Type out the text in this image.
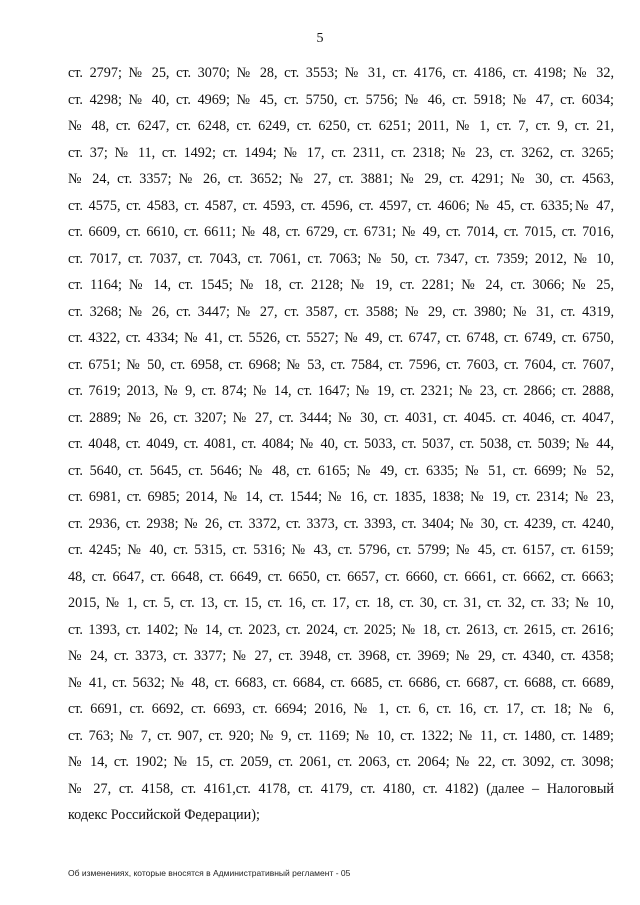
5
ст. 2797; № 25, ст. 3070; № 28, ст. 3553; № 31, ст. 4176, ст. 4186, ст. 4198; № 32,
ст. 4298; № 40, ст. 4969; № 45, ст. 5750, ст. 5756; № 46, ст. 5918; № 47, ст. 6034;
№ 48, ст. 6247, ст. 6248, ст. 6249, ст. 6250, ст. 6251; 2011, № 1, ст. 7, ст. 9, ст. 21,
ст. 37; № 11, ст. 1492; ст. 1494; № 17, ст. 2311, ст. 2318; № 23, ст. 3262, ст. 3265;
№ 24, ст. 3357; № 26, ст. 3652; № 27, ст. 3881; № 29, ст. 4291; № 30, ст. 4563,
ст. 4575, ст. 4583, ст. 4587, ст. 4593, ст. 4596, ст. 4597, ст. 4606; № 45, ст. 6335;№ 47,
ст. 6609, ст. 6610, ст. 6611; № 48, ст. 6729, ст. 6731; № 49, ст. 7014, ст. 7015, ст. 7016,
ст. 7017, ст. 7037, ст. 7043, ст. 7061, ст. 7063; № 50, ст. 7347, ст. 7359; 2012, № 10,
ст. 1164; № 14, ст. 1545; № 18, ст. 2128; № 19, ст. 2281; № 24, ст. 3066; № 25,
ст. 3268; № 26, ст. 3447; № 27, ст. 3587, ст. 3588; № 29, ст. 3980; № 31, ст. 4319,
ст. 4322, ст. 4334; № 41, ст. 5526, ст. 5527; № 49, ст. 6747, ст. 6748, ст. 6749, ст. 6750,
ст. 6751; № 50, ст. 6958, ст. 6968; № 53, ст. 7584, ст. 7596, ст. 7603, ст. 7604, ст. 7607,
ст. 7619; 2013, № 9, ст. 874; № 14, ст. 1647; № 19, ст. 2321; № 23, ст. 2866; ст. 2888,
ст. 2889; № 26, ст. 3207; № 27, ст. 3444; № 30, ст. 4031, ст. 4045. ст. 4046, ст. 4047,
ст. 4048, ст. 4049, ст. 4081, ст. 4084; № 40, ст. 5033, ст. 5037, ст. 5038, ст. 5039; № 44,
ст. 5640, ст. 5645, ст. 5646; № 48, ст. 6165; № 49, ст. 6335; № 51, ст. 6699; № 52,
ст. 6981, ст. 6985; 2014, № 14, ст. 1544; № 16, ст. 1835, 1838; № 19, ст. 2314; № 23,
ст. 2936, ст. 2938; № 26, ст. 3372, ст. 3373, ст. 3393, ст. 3404; № 30, ст. 4239, ст. 4240,
ст. 4245; № 40, ст. 5315, ст. 5316; № 43, ст. 5796, ст. 5799; № 45, ст. 6157, ст. 6159;
48, ст. 6647, ст. 6648, ст. 6649, ст. 6650, ст. 6657, ст. 6660, ст. 6661, ст. 6662, ст. 6663;
2015, № 1, ст. 5, ст. 13, ст. 15, ст. 16, ст. 17, ст. 18, ст. 30, ст. 31, ст. 32, ст. 33; № 10,
ст. 1393, ст. 1402; № 14, ст. 2023, ст. 2024, ст. 2025; № 18, ст. 2613, ст. 2615, ст. 2616;
№ 24, ст. 3373, ст. 3377; № 27, ст. 3948, ст. 3968, ст. 3969; № 29, ст. 4340, ст. 4358;
№ 41, ст. 5632; № 48, ст. 6683, ст. 6684, ст. 6685, ст. 6686, ст. 6687, ст. 6688, ст. 6689,
ст. 6691, ст. 6692, ст. 6693, ст. 6694; 2016, № 1, ст. 6, ст. 16, ст. 17, ст. 18; № 6,
ст. 763; № 7, ст. 907, ст. 920; № 9, ст. 1169; № 10, ст. 1322; № 11, ст. 1480, ст. 1489;
№ 14, ст. 1902; № 15, ст. 2059, ст. 2061, ст. 2063, ст. 2064; № 22, ст. 3092, ст. 3098;
№ 27, ст. 4158, ст. 4161,ст. 4178, ст. 4179, ст. 4180, ст. 4182) (далее – Налоговый
кодекс Российской Федерации);
Об изменениях, которые вносятся в Административный регламент - 05
